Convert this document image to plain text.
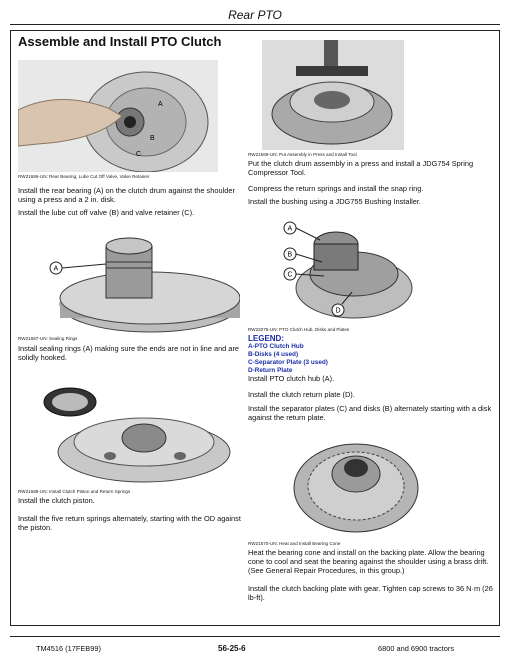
Rear PTO
Assemble and Install PTO Clutch
A
B
C
RW21686-UN: Rear Bearing, Lube Cut Off Valve, Valve Retainer
Install the rear bearing (A) on the clutch drum against the shoulder using a press and a 2 in. disk.
Install the lube cut off valve (B) and valve retainer (C).
A
RW21687-UN: Sealing Rings
Install sealing rings (A) making sure the ends are not in line and are solidly hooked.
RW21688-UN: Install Clutch Piston and Return Springs
Install the clutch piston.
Install the five return springs alternately, starting with the OD against the piston.
RW21569-UN: Put Assembly in Press and Install Tool
Put the clutch drum assembly in a press and install a JDG754 Spring Compressor Tool.
Compress the return springs and install the snap ring.
Install the bushing using a JDG755 Bushing Installer.
A
B
C
D
RW22075-UN: PTO Clutch Hub, Disks and Plates
LEGEND:
A-PTO Clutch Hub
B-Disks (4 used)
C-Separator Plate (3 used)
D-Return Plate
Install PTO clutch hub (A).
Install the clutch return plate (D).
Install the separator plates (C) and disks (B) alternately starting with a disk against the return plate.
RW21570-UN: Heat and Install Bearing Cone
Heat the bearing cone and install on the backing plate. Allow the bearing cone to cool and seat the bearing against the shoulder using a brass drift. (See General Repair Procedures, in this group.)
Install the clutch backing plate with gear. Tighten cap screws to 36 N·m (26 lb-ft).
TM4516 (17FEB99)	56-25-6	6800 and 6900 tractors
